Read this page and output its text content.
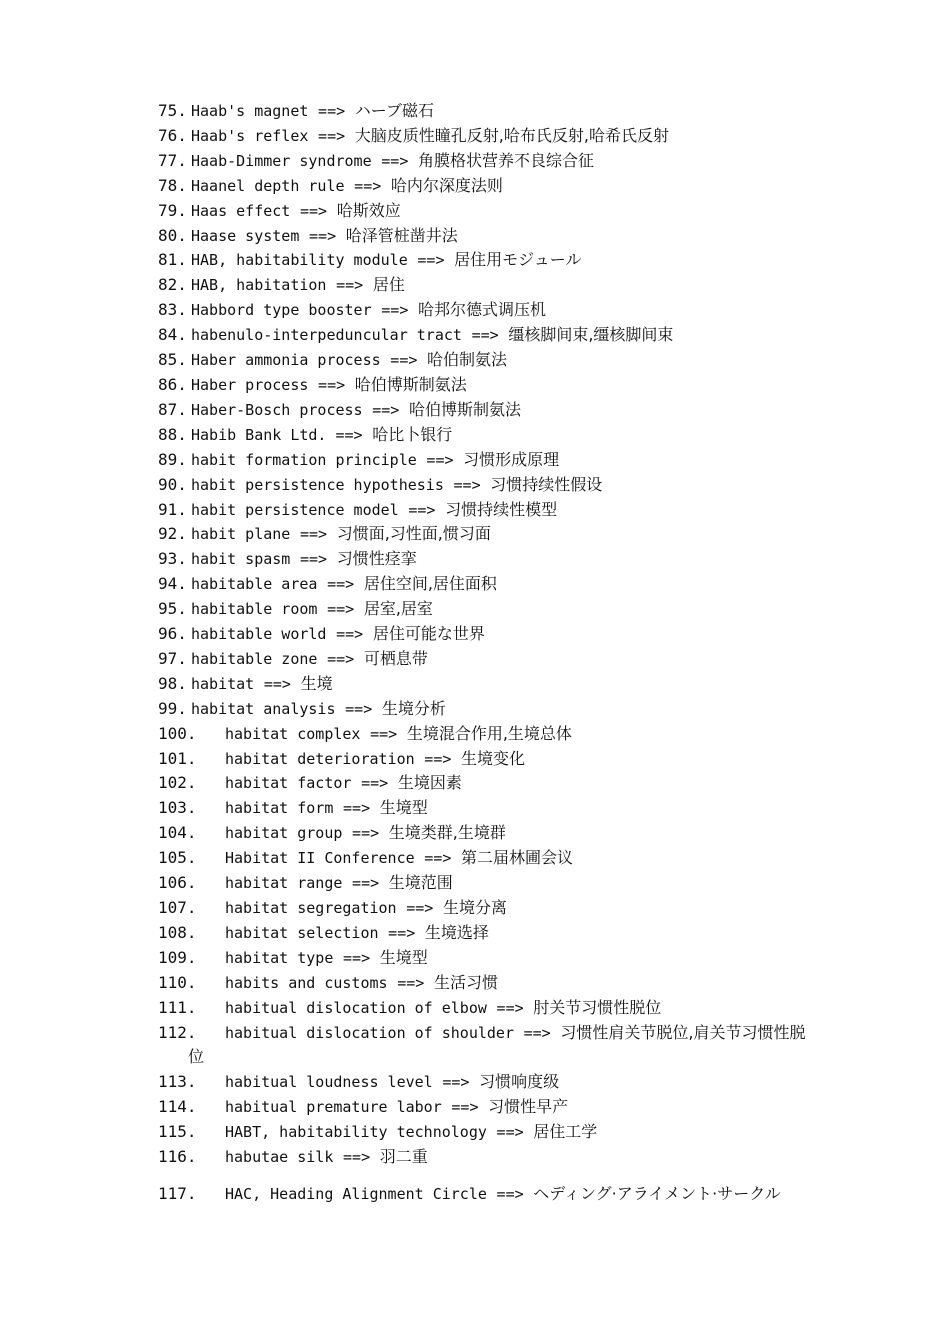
75. Haab's magnet ==> ハーブ磁石
76. Haab's reflex ==> 大脑皮质性瞳孔反射,哈布氏反射,哈希氏反射
77. Haab-Dimmer syndrome ==> 角膜格状营养不良综合征
78. Haanel depth rule ==> 哈内尔深度法则
79. Haas effect ==> 哈斯效应
80. Haase system ==> 哈泽管桩凿井法
81. HAB, habitability module ==> 居住用モジュール
82. HAB, habitation ==> 居住
83. Habbord type booster ==> 哈邦尔德式调压机
84. habenulo-interpeduncular tract ==> 缰核脚间束,缰核脚间束
85. Haber ammonia process ==> 哈伯制氨法
86. Haber process ==> 哈伯博斯制氨法
87. Haber-Bosch process ==> 哈伯博斯制氨法
88. Habib Bank Ltd. ==> 哈比卜银行
89. habit formation principle ==> 习惯形成原理
90. habit persistence hypothesis ==> 习惯持续性假设
91. habit persistence model ==> 习惯持续性模型
92. habit plane ==> 习惯面,习性面,惯习面
93. habit spasm ==> 习惯性痉挛
94. habitable area ==> 居住空间,居住面积
95. habitable room ==> 居室,居室
96. habitable world ==> 居住可能な世界
97. habitable zone ==> 可栖息带
98. habitat ==> 生境
99. habitat analysis ==> 生境分析
100. habitat complex ==> 生境混合作用,生境总体
101. habitat deterioration ==> 生境变化
102. habitat factor ==> 生境因素
103. habitat form ==> 生境型
104. habitat group ==> 生境类群,生境群
105. Habitat II Conference ==> 第二届林圃会议
106. habitat range ==> 生境范围
107. habitat segregation ==> 生境分离
108. habitat selection ==> 生境选择
109. habitat type ==> 生境型
110. habits and customs ==> 生活习惯
111. habitual dislocation of elbow ==> 肘关节习惯性脱位
112. habitual dislocation of shoulder ==> 习惯性肩关节脱位,肩关节习惯性脱
位
113. habitual loudness level ==> 习惯响度级
114. habitual premature labor ==> 习惯性早产
115. HABT, habitability technology ==> 居住工学
116. habutae silk ==> 羽二重
117. HAC, Heading Alignment Circle ==> ヘディング·アライメント·サークル
